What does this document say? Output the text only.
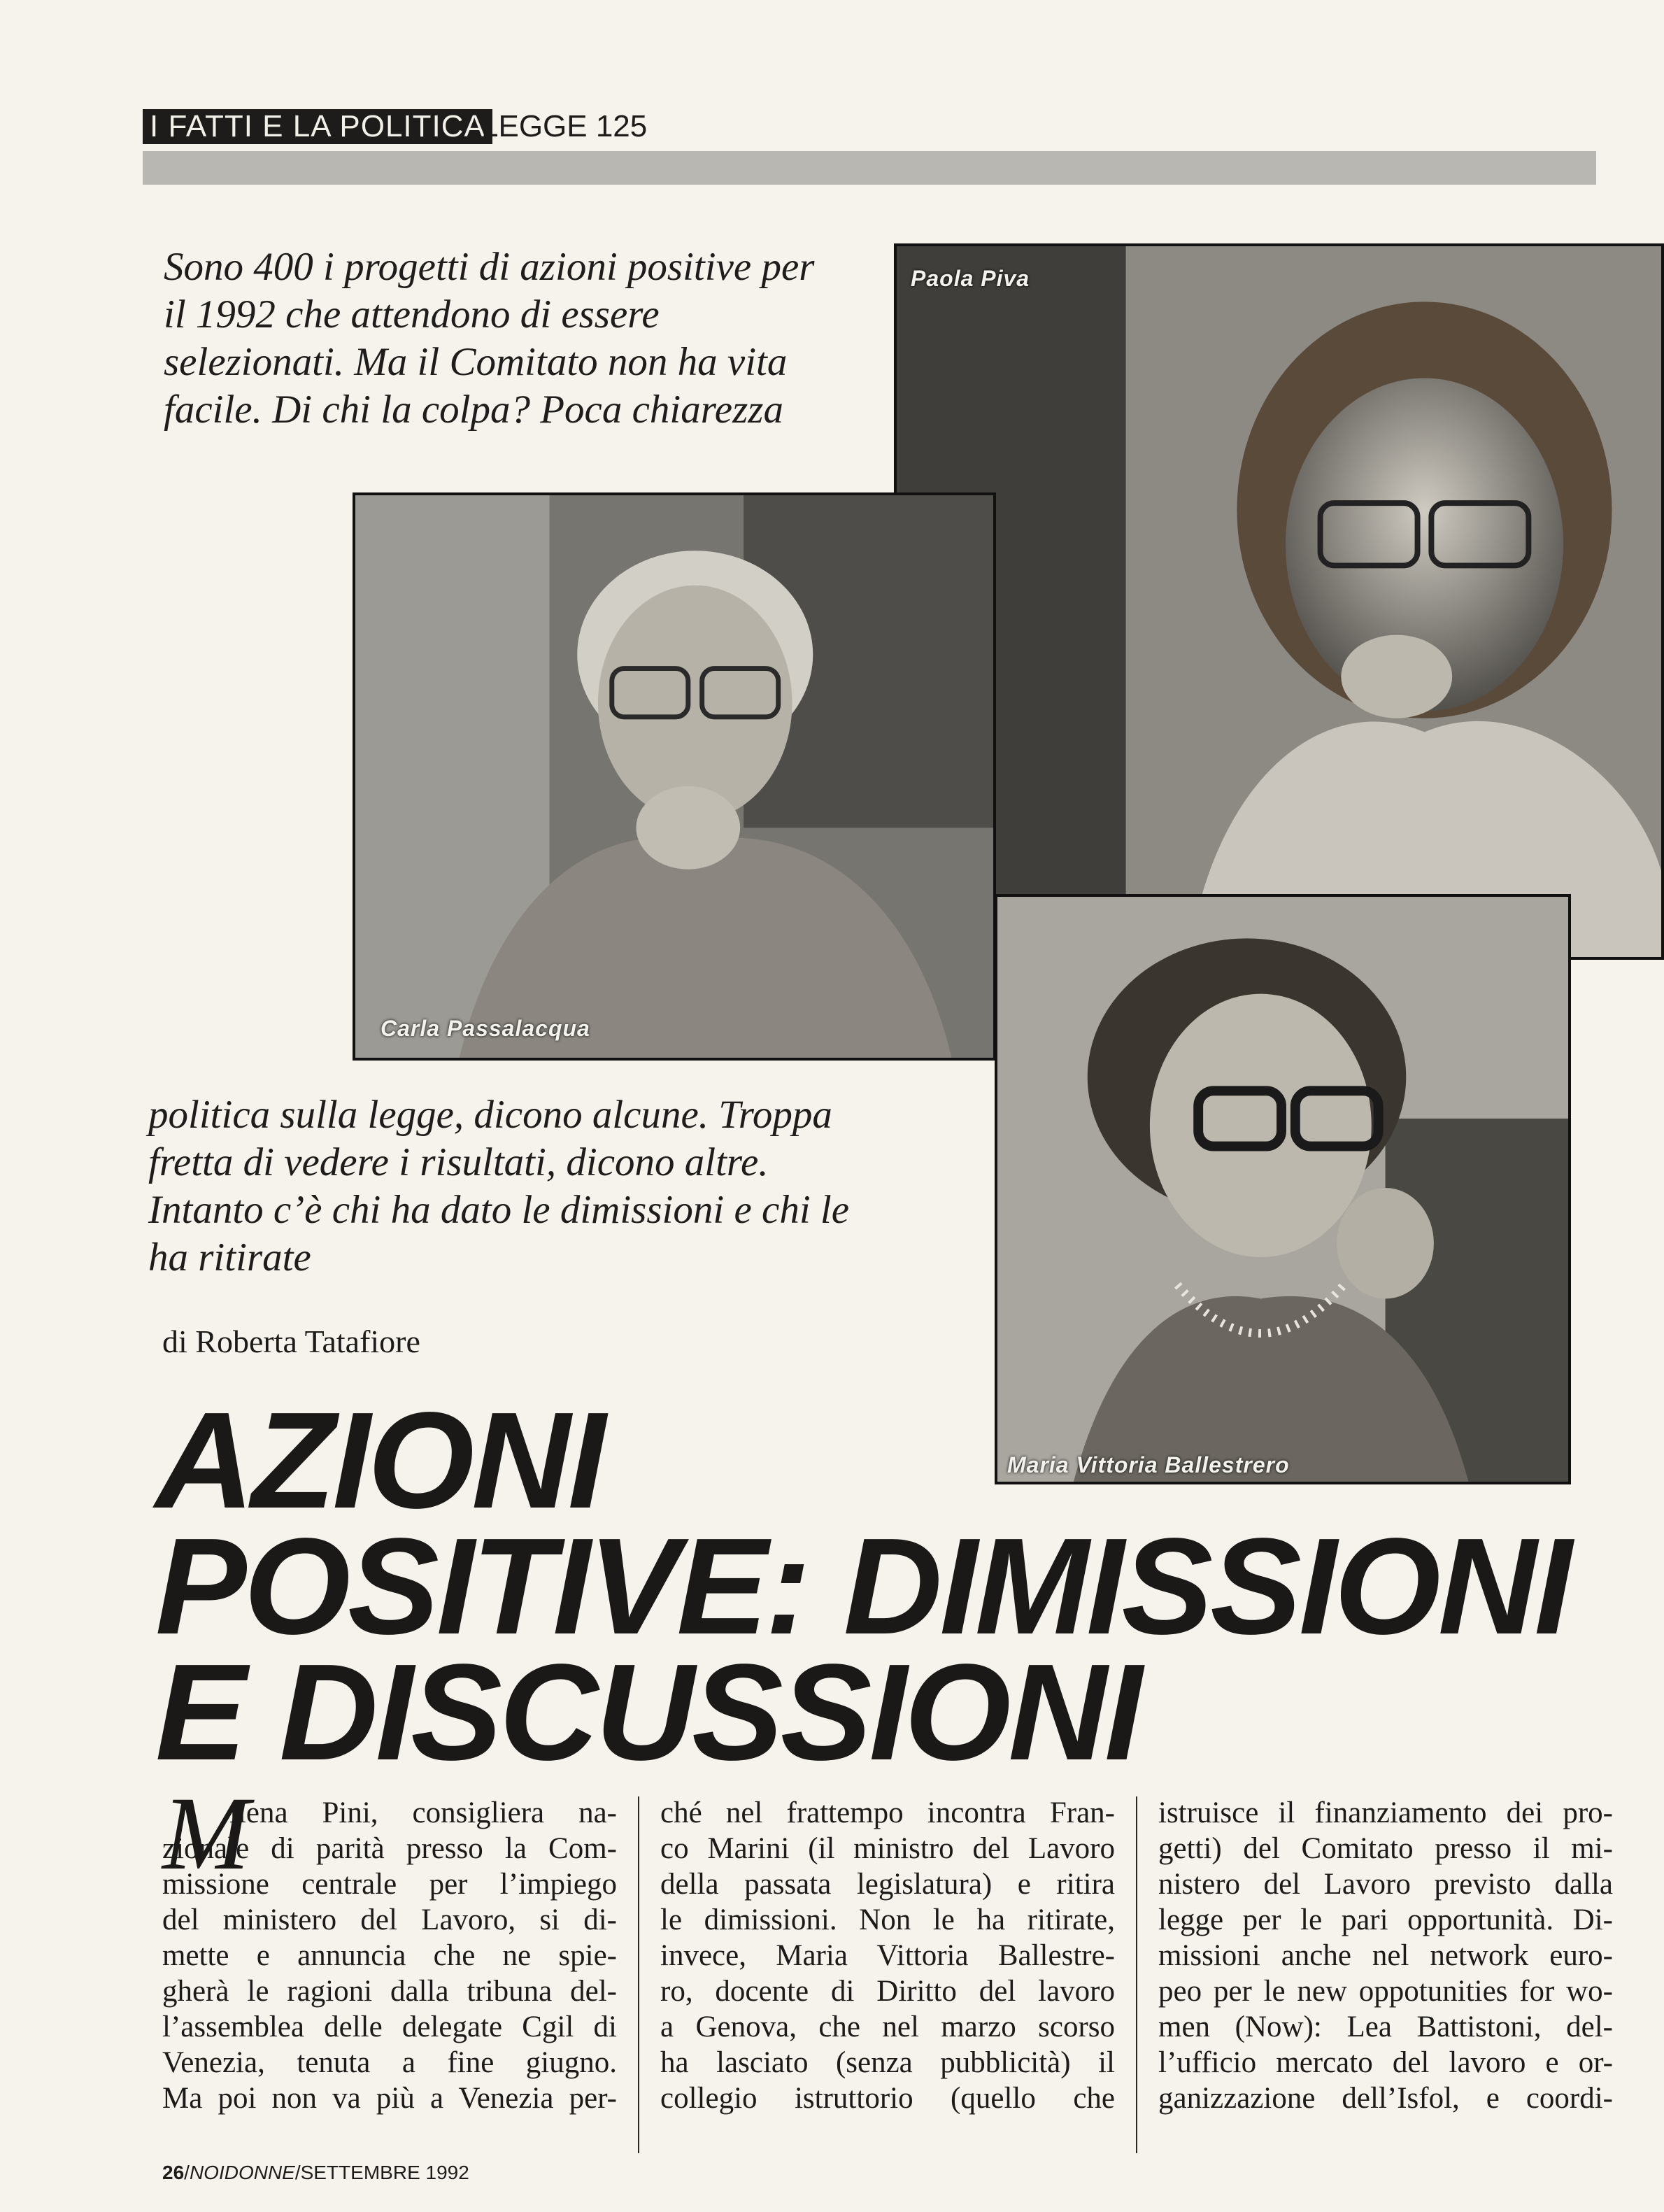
I FATTI E LA POLITICA
LEGGE 125
Sono 400 i progetti di azioni positive per
il 1992 che attendono di essere
selezionati. Ma il Comitato non ha vita
facile. Di chi la colpa? Poca chiarezza
Paola Piva
Carla Passalacqua
Maria Vittoria Ballestrero
politica sulla legge, dicono alcune. Troppa
fretta di vedere i risultati, dicono altre.
Intanto c’è chi ha dato le dimissioni e chi le
ha ritirate
di Roberta Tatafiore
AZIONI
POSITIVE: DIMISSIONI
E DISCUSSIONI
M
ilena Pini, consigliera na-
zionale di parità presso la Com-
missione centrale per l’impiego
del ministero del Lavoro, si di-
mette e annuncia che ne spie-
gherà le ragioni dalla tribuna del-
l’assemblea delle delegate Cgil di
Venezia, tenuta a fine giugno.
Ma poi non va più a Venezia per-
ché nel frattempo incontra Fran-
co Marini (il ministro del Lavoro
della passata legislatura) e ritira
le dimissioni. Non le ha ritirate,
invece, Maria Vittoria Ballestre-
ro, docente di Diritto del lavoro
a Genova, che nel marzo scorso
ha lasciato (senza pubblicità) il
collegio istruttorio (quello che
istruisce il finanziamento dei pro-
getti) del Comitato presso il mi-
nistero del Lavoro previsto dalla
legge per le pari opportunità. Di-
missioni anche nel network euro-
peo per le new oppotunities for wo-
men (Now): Lea Battistoni, del-
l’ufficio mercato del lavoro e or-
ganizzazione dell’Isfol, e coordi-
26/NOIDONNE/SETTEMBRE 1992
